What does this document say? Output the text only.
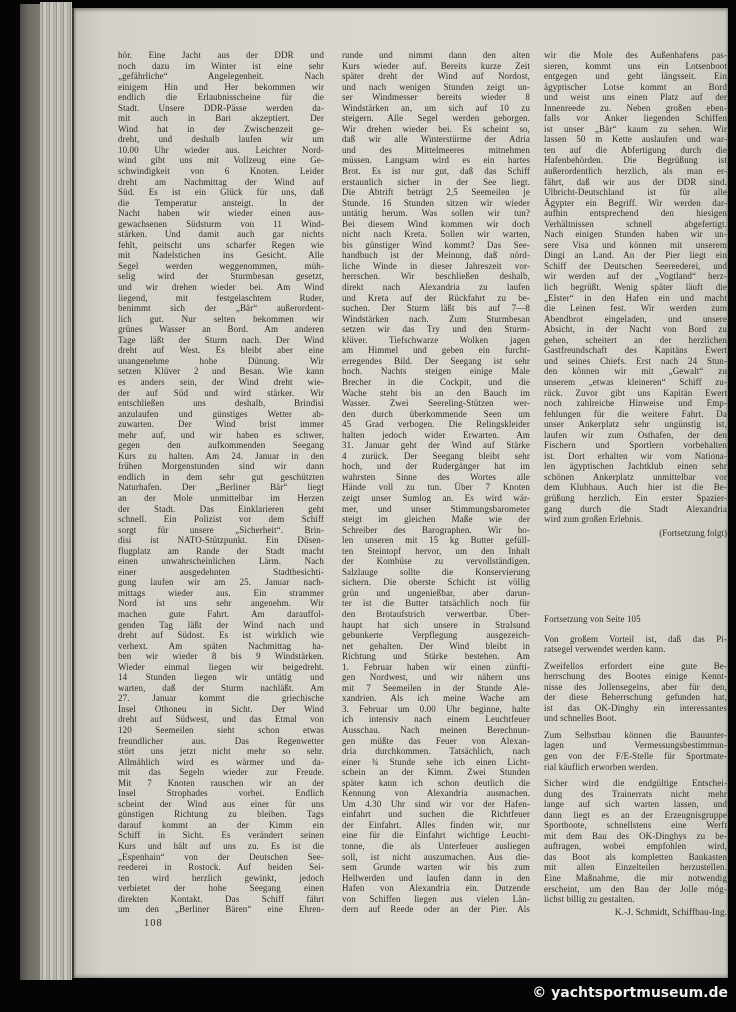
hör. Eine Jacht aus der DDR und
noch dazu im Winter ist eine sehr
„gefährliche“ Angelegenheit. Nach
einigem Hin und Her bekommen wir
endlich die Erlaubnisscheine für die
Stadt. Unsere DDR-Pässe werden da-
mit auch in Bari akzeptiert. Der
Wind hat in der Zwischenzeit ge-
dreht, und deshalb laufen wir um
10.00 Uhr wieder aus. Leichter Nord-
wind gibt uns mit Vollzeug eine Ge-
schwindigkeit von 6 Knoten. Leider
dreht am Nachmittag der Wind auf
Süd. Es ist ein Glück für uns, daß
die Temperatur ansteigt. In der
Nacht haben wir wieder einen aus-
gewachsenen Südsturm von 11 Wind-
stärken. Und damit auch gar nichts
fehlt, peitscht uns scharfer Regen wie
mit Nadelstichen ins Gesicht. Alle
Segel werden weggenommen, müh-
selig wird der Sturmbesan gesetzt,
und wir drehen wieder bei. Am Wind
liegend, mit festgelaschtem Ruder,
benimmt sich der „Bär“ außerordent-
lich gut. Nur selten bekommen wir
grünes Wasser an Bord. Am anderen
Tage läßt der Sturm nach. Der Wind
dreht auf West. Es bleibt aber eine
unangenehme hohe Dünung. Wir
setzen Klüver 2 und Besan. Wie kann
es anders sein, der Wind dreht wie-
der auf Süd und wird stärker. Wir
entschließen uns deshalb, Brindisi
anzulaufen und günstiges Wetter ab-
zuwarten. Der Wind brist immer
mehr auf, und wir haben es schwer,
gegen den aufkommenden Seegang
Kurs zu halten. Am 24. Januar in den
frühen Morgenstunden sind wir dann
endlich in dem sehr gut geschützten
Naturhafen. Der „Berliner Bär“ liegt
an der Mole unmittelbar im Herzen
der Stadt. Das Einklarieren geht
schnell. Ein Polizist vor dem Schiff
sorgt für unsere „Sicherheit“. Brin-
disi ist NATO-Stützpunkt. Ein Düsen-
flugplatz am Rande der Stadt macht
einen unwahrscheinlichen Lärm. Nach
einer ausgedehnten Stadtbesichti-
gung laufen wir am 25. Januar nach-
mittags wieder aus. Ein strammer
Nord ist uns sehr angenehm. Wir
machen gute Fahrt. Am darauffol-
genden Tag läßt der Wind nach und
dreht auf Südost. Es ist wirklich wie
verhext. Am späten Nachmittag ha-
ben wir wieder 8 bis 9 Windstärken.
Wieder einmal liegen wir beigedreht.
14 Stunden liegen wir untätig und
warten, daß der Sturm nachläßt. Am
27. Januar kommt die griechische
Insel Othoneu in Sicht. Der Wind
dreht auf Südwest, und das Etmal von
120 Seemeilen sieht schon etwas
freundlicher aus. Das Regenwetter
stört uns jetzt nicht mehr so sehr.
Allmählich wird es wärmer und da-
mit das Segeln wieder zur Freude.
Mit 7 Knoten rauschen wir an der
Insel Strophades vorbei. Endlich
scheint der Wind aus einer für uns
günstigen Richtung zu bleiben. Tags
darauf kommt an der Kimm ein
Schiff in Sicht. Es verändert seinen
Kurs und hält auf uns zu. Es ist die
„Espenhain“ von der Deutschen See-
reederei in Rostock. Auf beiden Sei-
ten wird herzlich gewinkt, jedoch
verbietet der hohe Seegang einen
direkten Kontakt. Das Schiff fährt
um den „Berliner Bären“ eine Ehren-
runde und nimmt dann den alten
Kurs wieder auf. Bereits kurze Zeit
später dreht der Wind auf Nordost,
und nach wenigen Stunden zeigt un-
ser Windmesser bereits wieder 8
Windstärken an, um sich auf 10 zu
steigern. Alle Segel werden geborgen.
Wir drehen wieder bei. Es scheint so,
daß wir alle Winterstürme der Adria
und des Mittelmeeres mitnehmen
müssen. Langsam wird es ein hartes
Brot. Es ist nur gut, daß das Schiff
erstaunlich sicher in der See liegt.
Die Abtrift beträgt 2,5 Seemeilen je
Stunde. 16 Stunden sitzen wir wieder
untätig herum. Was sollen wir tun?
Bei diesem Wind kommen wir doch
nicht nach Kreta. Sollen wir warten,
bis günstiger Wind kommt? Das See-
handbuch ist der Meinung, daß nörd-
liche Winde in dieser Jahreszeit vor-
herrschen. Wir beschließen deshalb,
direkt nach Alexandria zu laufen
und Kreta auf der Rückfahrt zu be-
suchen. Der Sturm läßt bis auf 7—8
Windstärken nach. Zum Sturmbesan
setzen wir das Try und den Sturm-
klüver. Tiefschwarze Wolken jagen
am Himmel und geben ein furcht-
erregendes Bild. Der Seegang ist sehr
hoch. Nachts steigen einige Male
Brecher in die Cockpit, und die
Wache steht bis an den Bauch im
Wasser. Zwei Seereling-Stützen wer-
den durch überkommende Seen um
45 Grad verbogen. Die Relingskleider
halten jedoch wider Erwarten. Am
31. Januar geht der Wind auf Stärke
4 zurück. Der Seegang bleibt sehr
hoch, und der Rudergänger hat im
wahrsten Sinne des Wortes alle
Hände voll zu tun. Über 7 Knoten
zeigt unser Sumlog an. Es wird wär-
mer, und unser Stimmungsbarometer
steigt im gleichen Maße wie der
Schreiber des Barographen. Wir ho-
len unseren mit 15 kg Butter gefüll-
ten Steintopf hervor, um den Inhalt
der Kombüse zu vervollständigen.
Salzlauge sollte die Konservierung
sichern. Die oberste Schicht ist völlig
grün und ungenießbar, aber darun-
ter ist die Butter tatsächlich noch für
den Brotaufstrich verwertbar. Über-
haupt hat sich unsere in Stralsund
gebunkerte Verpflegung ausgezeich-
net gehalten. Der Wind bleibt in
Richtung und Stärke bestehen. Am
1. Februar haben wir einen zünfti-
gen Nordwest, und wir nähern uns
mit 7 Seemeilen in der Stunde Ale-
xandrien. Als ich meine Wache am
3. Februar um 0.00 Uhr beginne, halte
ich intensiv nach einem Leuchtfeuer
Ausschau. Nach meinen Berechnun-
gen müßte das Feuer von Alexan-
dria durchkommen. Tatsächlich, nach
einer ¾ Stunde sehe ich einen Licht-
schein an der Kimm. Zwei Stunden
später kann ich schon deutlich die
Kennung von Alexandria ausmachen.
Um 4.30 Uhr sind wir vor der Hafen-
einfahrt und suchen die Richtfeuer
der Einfahrt. Alles finden wir, nur
eine für die Einfahrt wichtige Leucht-
tonne, die als Unterfeuer ausliegen
soll, ist nicht auszumachen. Aus die-
sem Grunde warten wir bis zum
Hellwerden und laufen dann in den
Hafen von Alexandria ein. Dutzende
von Schiffen liegen aus vielen Län-
dern auf Reede oder an der Pier. Als
wir die Mole des Außenhafens pas-
sieren, kommt uns ein Lotsenboot
entgegen und geht längsseit. Ein
ägyptischer Lotse kommt an Bord
und weist uns einen Platz auf der
Innenreede zu. Neben großen eben-
falls vor Anker liegenden Schiffen
ist unser „Bär“ kaum zu sehen. Wir
lassen 50 m Kette auslaufen und war-
ten auf die Abfertigung durch die
Hafenbehörden. Die Begrüßung ist
außerordentlich herzlich, als man er-
fährt, daß wir aus der DDR sind.
Ulbricht-Deutschland ist für alle
Ägypter ein Begriff. Wir werden dar-
aufhin entsprechend den hiesigen
Verhältnissen schnell abgefertigt.
Nach einigen Stunden haben wir un-
sere Visa und können mit unserem
Dingi an Land. An der Pier liegt ein
Schiff der Deutschen Seereederei, und
wir werden auf der „Vogtland“ herz-
lich begrüßt. Wenig später läuft die
„Elster“ in den Hafen ein und macht
die Leinen fest. Wir werden zum
Abendbrot eingeladen, und unsere
Absicht, in der Nacht von Bord zu
gehen, scheitert an der herzlichen
Gastfreundschaft des Kapitäns Ewert
und seines Chiefs. Erst nach 24 Stun-
den können wir mit „Gewalt“ zu
unserem „etwas kleineren“ Schiff zu-
rück. Zuvor gibt uns Kapitän Ewert
noch zahlreiche Hinweise und Emp-
fehlungen für die weitere Fahrt. Da
unser Ankerplatz sehr ungünstig ist,
laufen wir zum Osthafen, der den
Fischern und Sportlern vorbehalten
ist. Dort erhalten wir vom Nationa-
len ägyptischen Jachtklub einen sehr
schönen Ankerplatz unmittelbar vor
dem Klubhaus. Auch hier ist die Be-
grüßung herzlich. Ein erster Spazier-
gang durch die Stadt Alexandria
wird zum großen Erlebnis.
(Fortsetzung folgt)
Fortsetzung von Seite 105
Von großem Vorteil ist, daß das Pi-
ratsegel verwendet werden kann.
Zweifellos erfordert eine gute Be-
herrschung des Bootes einige Kennt-
nisse des Jollensegelns, aber für den,
der diese Beherrschung gefunden hat,
ist das OK-Dinghy ein interessantes
und schnelles Boot.
Zum Selbstbau können die Bauunter-
lagen und Vermessungsbestimmun-
gen von der F/E-Stelle für Sportmate-
rial käuflich erworben werden.
Sicher wird die endgültige Entschei-
dung des Trainerrats nicht mehr
lange auf sich warten lassen, und
dann liegt es an der Erzeugnisgruppe
Sportboote, schnellstens eine Werft
mit dem Bau des OK-Dinghys zu be-
auftragen, wobei empfohlen wird,
das Boot als kompletten Baukasten
mit allen Einzelteilen herzustellen.
Eine Maßnahme, die mir notwendig
erscheint, um den Bau der Jolle mög-
lichst billig zu gestalten.
K.-J. Schmidt, Schiffbau-Ing.
108
© yachtsportmuseum.de
